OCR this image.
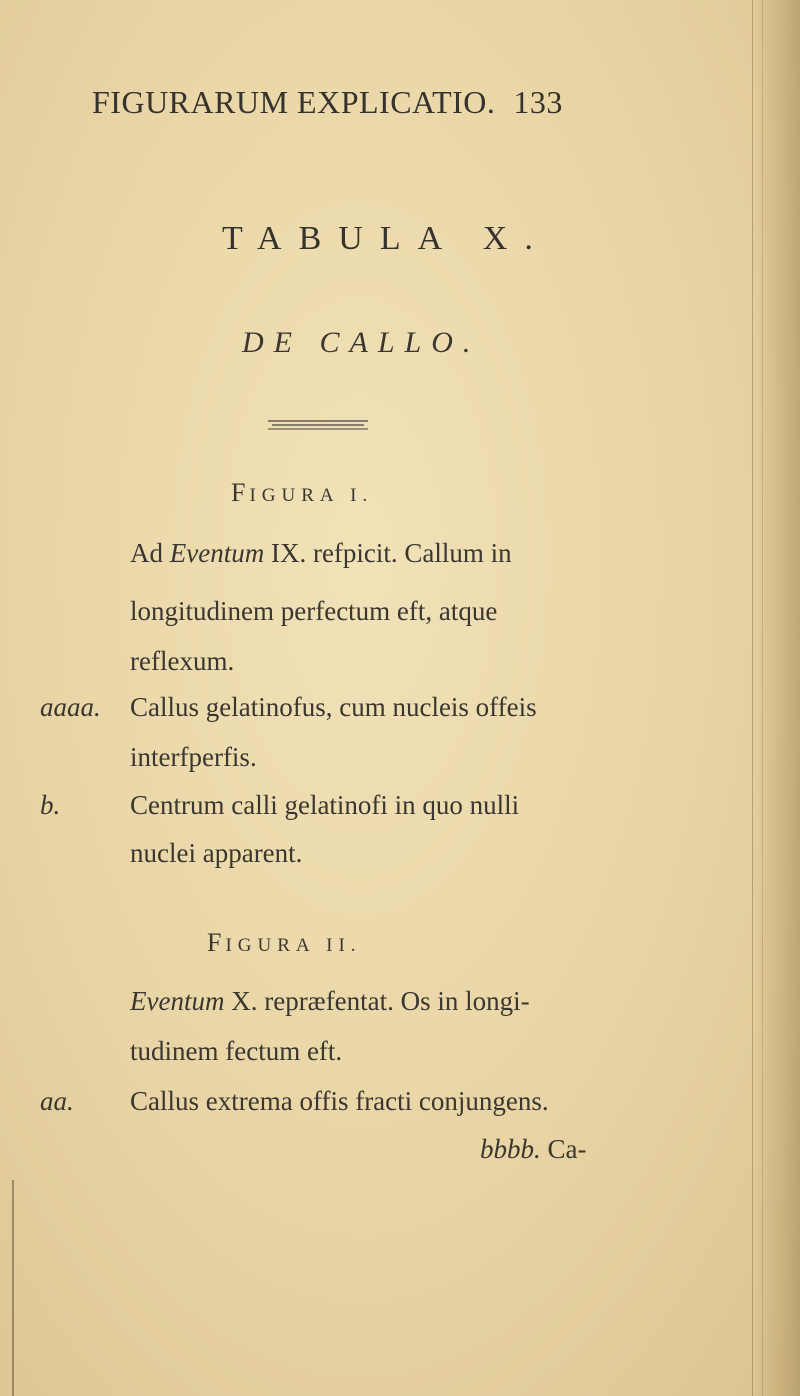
FIGURARUM EXPLICATIO. 133
TABULA X.
DE CALLO.
FIGURA I.
Ad Eventum IX. refpicit. Callum in
longitudinem perfectum eft, atque
reflexum.
aaaa. Callus gelatinofus, cum nucleis offeis
interfperfis.
b.	Centrum calli gelatinofi in quo nulli
nuclei apparent.
FIGURA II.
Eventum X. repræfentat. Os in longi-
tudinem fectum eft.
aa. Callus extrema offis fracti conjungens.
bbbb. Ca-
